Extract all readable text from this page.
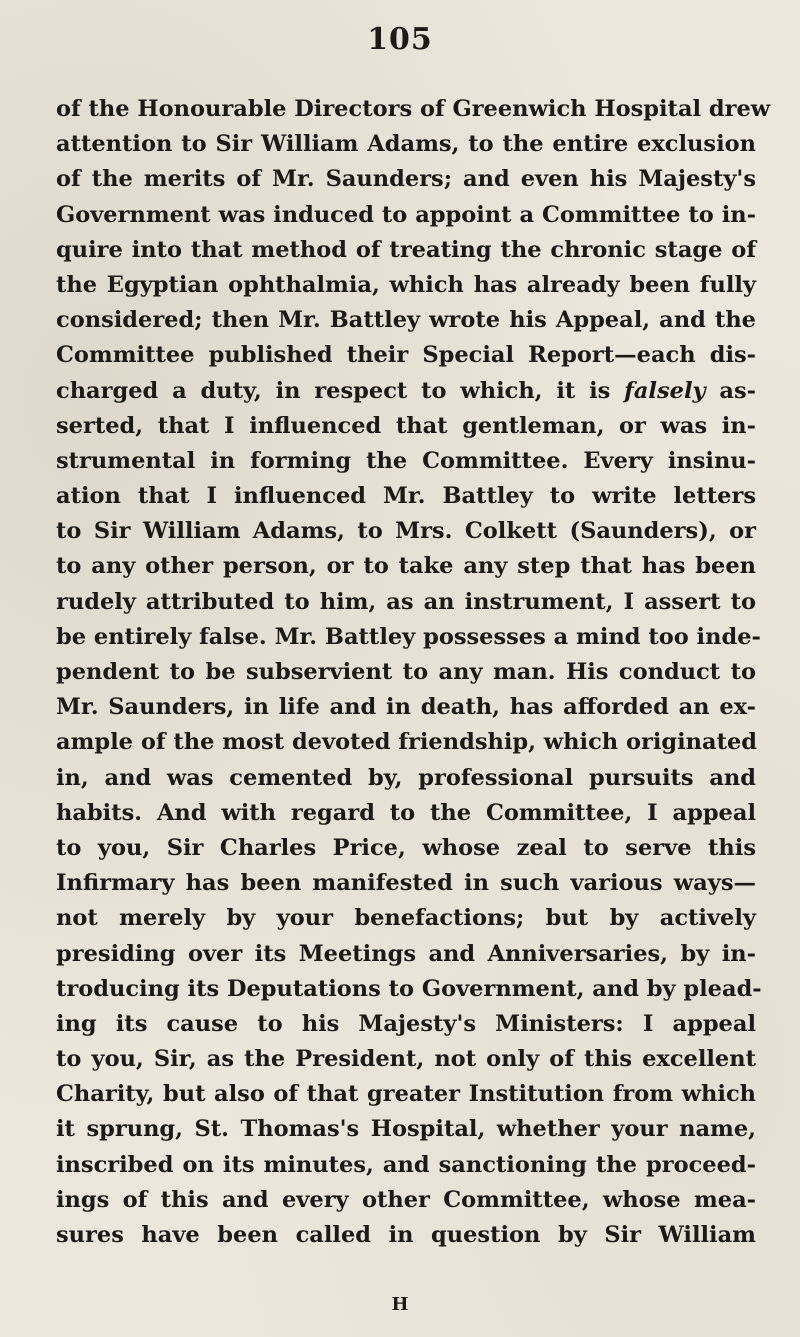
105
of the Honourable Directors of Greenwich Hospital drew
attention to Sir William Adams, to the entire exclusion
of the merits of Mr. Saunders; and even his Majesty's
Government was induced to appoint a Committee to in-
quire into that method of treating the chronic stage of
the Egyptian ophthalmia, which has already been fully
considered; then Mr. Battley wrote his Appeal, and the
Committee published their Special Report—each dis-
charged a duty, in respect to which, it is falsely as-
serted, that I influenced that gentleman, or was in-
strumental in forming the Committee. Every insinu-
ation that I influenced Mr. Battley to write letters
to Sir William Adams, to Mrs. Colkett (Saunders), or
to any other person, or to take any step that has been
rudely attributed to him, as an instrument, I assert to
be entirely false. Mr. Battley possesses a mind too inde-
pendent to be subservient to any man. His conduct to
Mr. Saunders, in life and in death, has afforded an ex-
ample of the most devoted friendship, which originated
in, and was cemented by, professional pursuits and
habits. And with regard to the Committee, I appeal
to you, Sir Charles Price, whose zeal to serve this
Infirmary has been manifested in such various ways—
not merely by your benefactions; but by actively
presiding over its Meetings and Anniversaries, by in-
troducing its Deputations to Government, and by plead-
ing its cause to his Majesty's Ministers: I appeal
to you, Sir, as the President, not only of this excellent
Charity, but also of that greater Institution from which
it sprung, St. Thomas's Hospital, whether your name,
inscribed on its minutes, and sanctioning the proceed-
ings of this and every other Committee, whose mea-
sures have been called in question by Sir William
H
